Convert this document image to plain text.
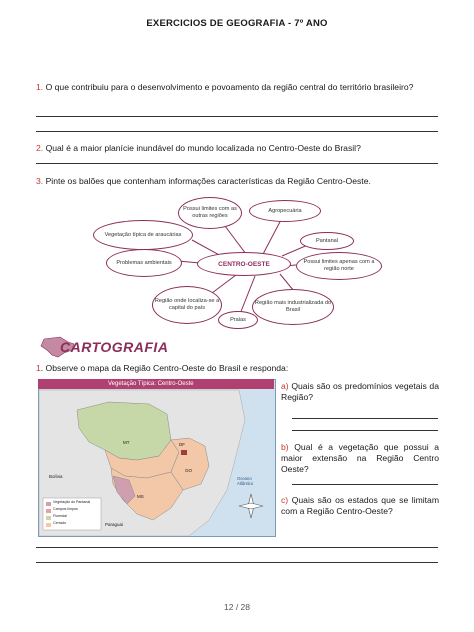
EXERCICIOS DE GEOGRAFIA - 7º ANO
1. O que contribuiu para o desenvolvimento e povoamento da região central do território brasileiro?
2. Qual é a maior planície inundável do mundo localizada no Centro-Oeste do Brasil?
3. Pinte os balões que contenham informações características da Região Centro-Oeste.
CENTRO-OESTE
Possui limites com as outras regiões
Agropecuária
Vegetação típica de araucárias
Pantanal
Problemas ambientais	Possui limites apenas com a região norte
Região onde localiza-se a capital do país
Região mais industrializada do Brasil
Praias
CARTOGRAFIA
1. Observe o mapa da Região Centro-Oeste do Brasil e responda:
MT
GO
DF
MS
Bolívia
Paraguai
Oceano Atlântico
Vegetação do Pantanal
Campos limpos
Florestal
Cerrado
Vegetação Típica: Centro-Oeste	a) Quais são os predomínios vegetais da Região?
b) Qual é a vegetação que possui a maior extensão na Região Centro Oeste?
c) Quais são os estados que se limitam com a Região Centro-Oeste?
12 / 28
